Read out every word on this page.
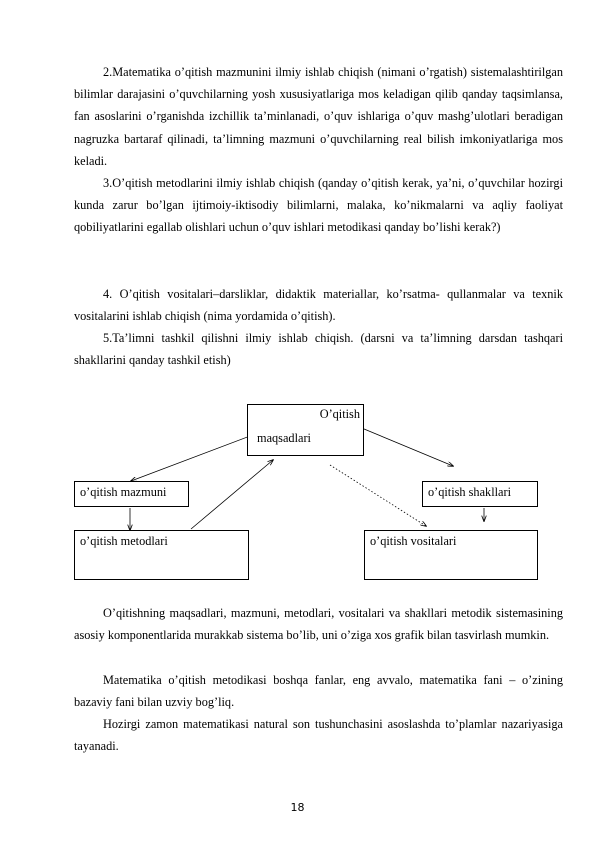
2.Matematika o’qitish mazmunini ilmiy ishlab chiqish (nimani o’rgatish) sistemalashtirilgan bilimlar darajasini o’quvchilarning yosh xususiyatlariga mos keladigan qilib qanday taqsimlansa, fan asoslarini o’rganishda izchillik ta’minlanadi, o’quv ishlariga o’quv mashg’ulotlari beradigan nagruzka bartaraf qilinadi, ta’limning mazmuni o’quvchilarning real bilish imkoniyatlariga mos keladi.

3.O’qitish metodlarini ilmiy ishlab chiqish (qanday o’qitish kerak, ya’ni, o’quvchilar hozirgi kunda zarur bo’lgan ijtimoiy-iktisodiy bilimlarni, malaka, ko’nikmalarni va aqliy faoliyat qobiliyatlarini egallab olishlari uchun o’quv ishlari metodikasi qanday bo’lishi kerak?)

4. O’qitish vositalari–darsliklar, didaktik materiallar, ko’rsatma- qullanmalar va texnik vositalarini ishlab chiqish (nima yordamida o’qitish).

5.Ta’limni tashkil qilishni ilmiy ishlab chiqish. (darsni va ta’limning darsdan tashqari shakllarini qanday tashkil etish)

O’qitish
maqsadlari
o’qitish mazmuni	o’qitish shakllari
o’qitish metodlari	o’qitish vositalari

O’qitishning maqsadlari, mazmuni, metodlari, vositalari va shakllari metodik sistemasining asosiy komponentlarida murakkab sistema bo’lib, uni o’ziga xos grafik bilan tasvirlash mumkin.

Matematika o’qitish metodikasi boshqa fanlar, eng avvalo, matematika fani – o’zining bazaviy fani bilan uzviy bog’liq.

Hozirgi zamon matematikasi natural son tushunchasini asoslashda to’plamlar nazariyasiga tayanadi.

18
